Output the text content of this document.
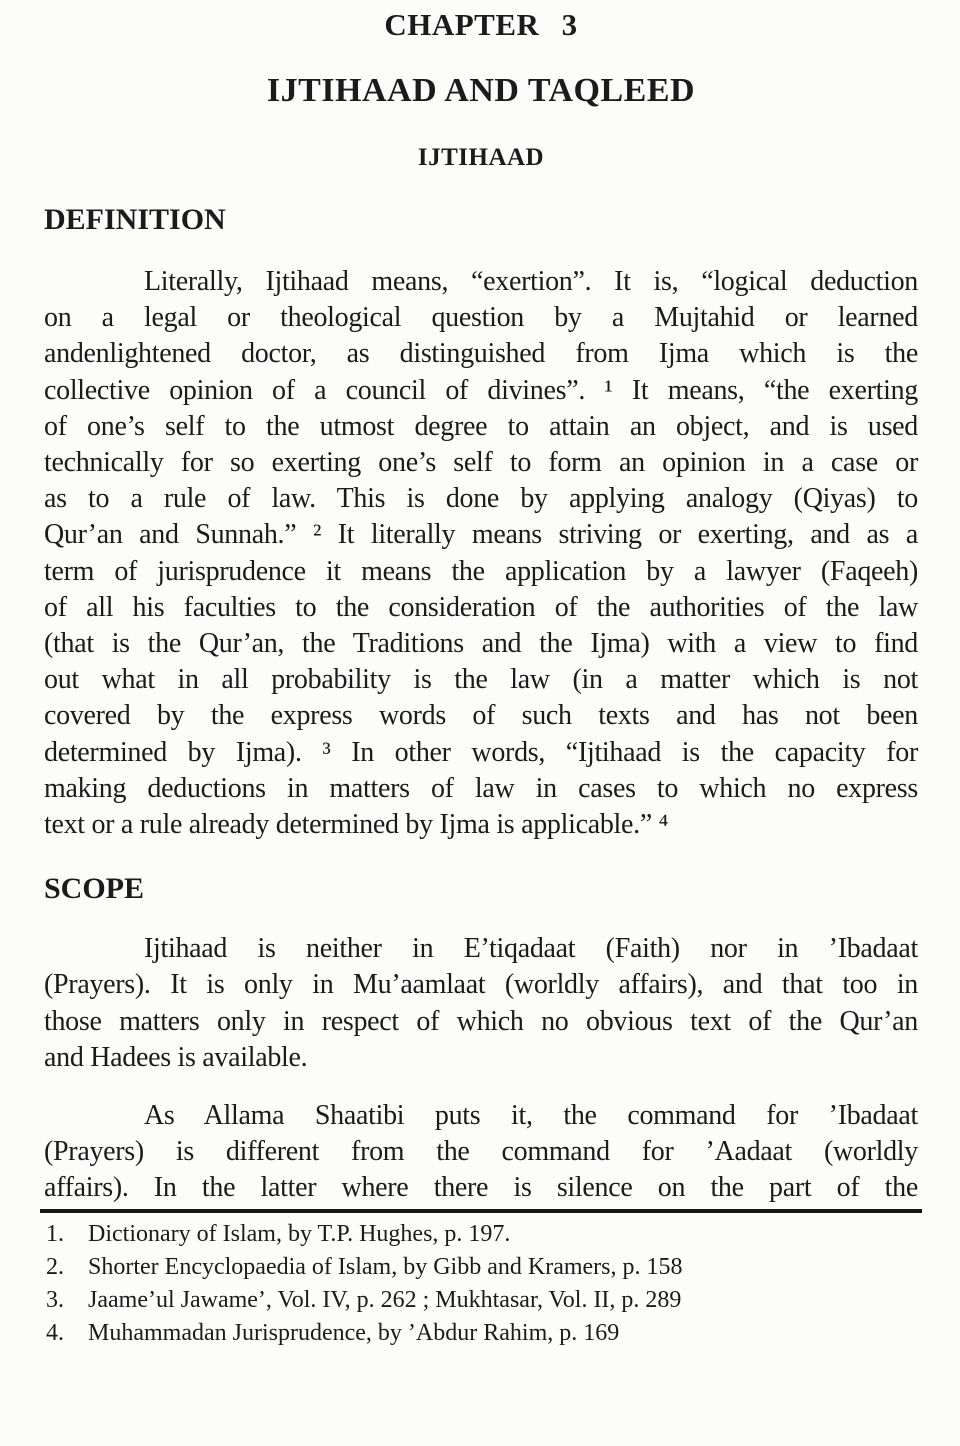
CHAPTER 3
IJTIHAAD AND TAQLEED
IJTIHAAD
DEFINITION
Literally, Ijtihaad means, “exertion”. It is, “logical deduction
on a legal or theological question by a Mujtahid or learned
andenlightened doctor, as distinguished from Ijma which is the
collective opinion of a council of divines”. ¹ It means, “the exerting
of one’s self to the utmost degree to attain an object, and is used
technically for so exerting one’s self to form an opinion in a case or
as to a rule of law. This is done by applying analogy (Qiyas) to
Qur’an and Sunnah.” ² It literally means striving or exerting, and as a
term of jurisprudence it means the application by a lawyer (Faqeeh)
of all his faculties to the consideration of the authorities of the law
(that is the Qur’an, the Traditions and the Ijma) with a view to find
out what in all probability is the law (in a matter which is not
covered by the express words of such texts and has not been
determined by Ijma). ³ In other words, “Ijtihaad is the capacity for
making deductions in matters of law in cases to which no express
text or a rule already determined by Ijma is applicable.” ⁴
SCOPE
Ijtihaad is neither in E’tiqadaat (Faith) nor in ’Ibadaat
(Prayers). It is only in Mu’aamlaat (worldly affairs), and that too in
those matters only in respect of which no obvious text of the Qur’an
and Hadees is available.
As Allama Shaatibi puts it, the command for ’Ibadaat
(Prayers) is different from the command for ’Aadaat (worldly
affairs). In the latter where there is silence on the part of the
1.	Dictionary of Islam, by T.P. Hughes, p. 197.
2.	Shorter Encyclopaedia of Islam, by Gibb and Kramers, p. 158
3.	Jaame’ul Jawame’, Vol. IV, p. 262 ; Mukhtasar, Vol. II, p. 289
4.	Muhammadan Jurisprudence, by ’Abdur Rahim, p. 169
